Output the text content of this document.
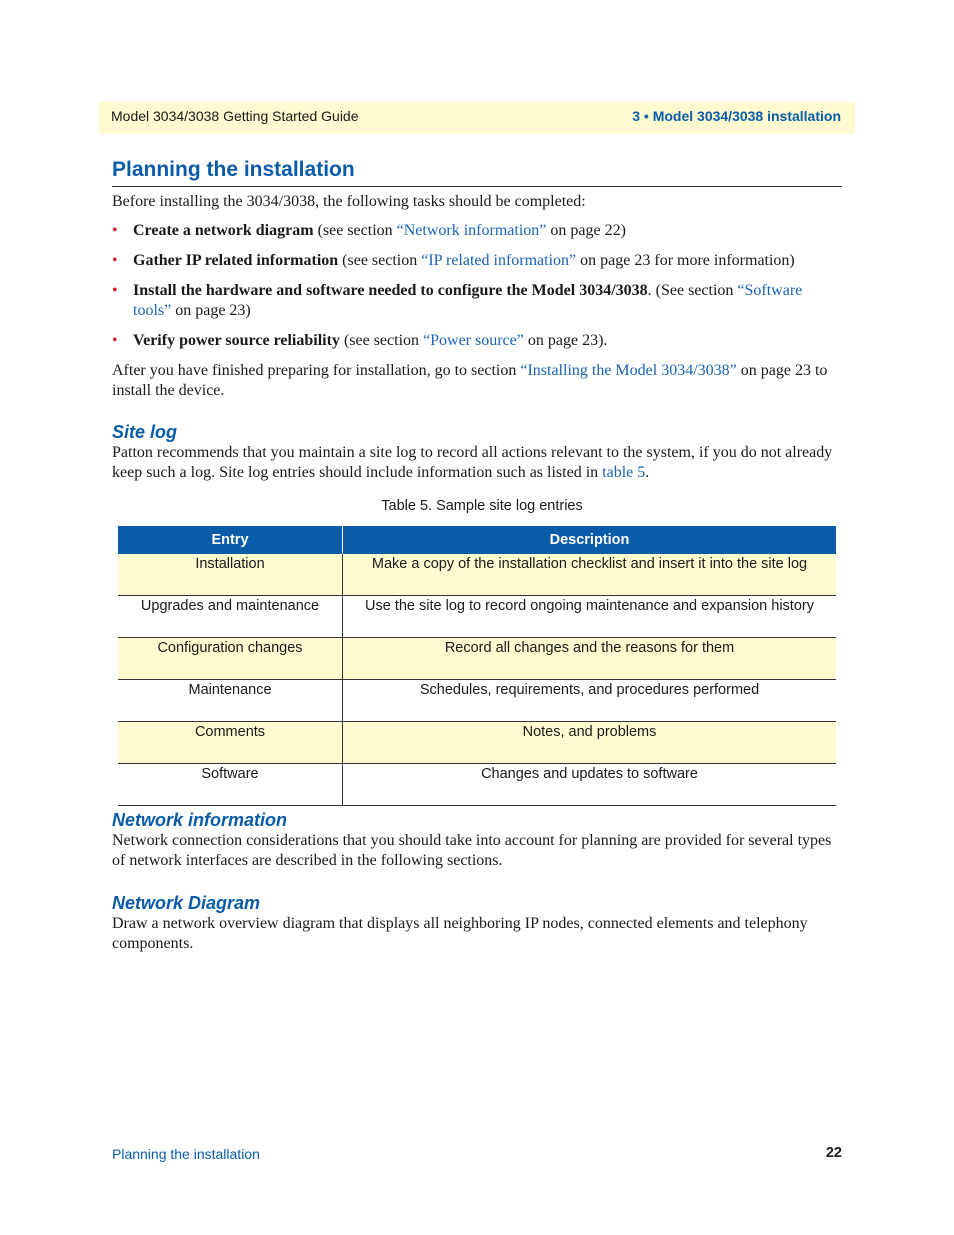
Model 3034/3038 Getting Started Guide	3 • Model 3034/3038 installation
Planning the installation

Before installing the 3034/3038, the following tasks should be completed:

• Create a network diagram (see section “Network information” on page 22)
• Gather IP related information (see section “IP related information” on page 23 for more information)
• Install the hardware and software needed to configure the Model 3034/3038. (See section “Software tools” on page 23)
• Verify power source reliability (see section “Power source” on page 23).

After you have finished preparing for installation, go to section “Installing the Model 3034/3038” on page 23 to install the device.

Site log

Patton recommends that you maintain a site log to record all actions relevant to the system, if you do not already keep such a log. Site log entries should include information such as listed in table 5.

Table 5. Sample site log entries
Entry	Description
Installation	Make a copy of the installation checklist and insert it into the site log
Upgrades and maintenance	Use the site log to record ongoing maintenance and expansion history
Configuration changes	Record all changes and the reasons for them
Maintenance	Schedules, requirements, and procedures performed
Comments	Notes, and problems
Software	Changes and updates to software
Network information

Network connection considerations that you should take into account for planning are provided for several types of network interfaces are described in the following sections.

Network Diagram

Draw a network overview diagram that displays all neighboring IP nodes, connected elements and telephony components.

Planning the installation	22
